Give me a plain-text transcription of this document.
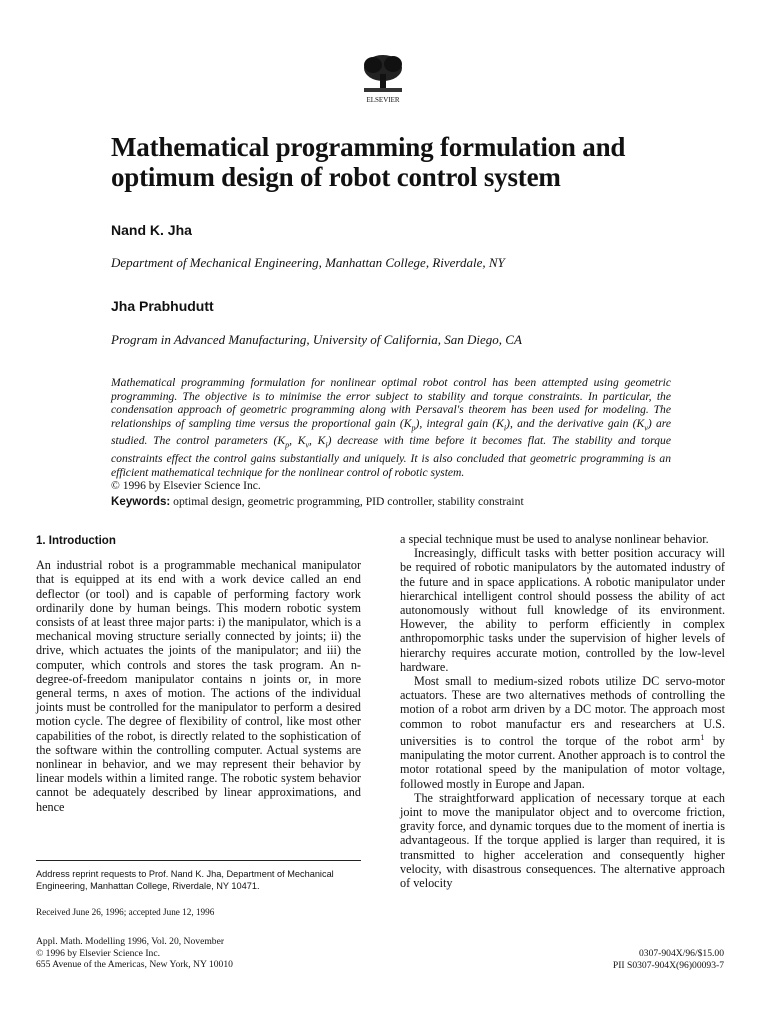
ELSEVIER
Mathematical programming formulation and
optimum design of robot control system
Nand K. Jha
Department of Mechanical Engineering, Manhattan College, Riverdale, NY
Jha Prabhudutt
Program in Advanced Manufacturing, University of California, San Diego, CA
Mathematical programming formulation for nonlinear optimal robot control has been attempted using geometric programming. The objective is to minimise the error subject to stability and torque constraints. In particular, the condensation approach of geometric programming along with Persaval's theorem has been used for modeling. The relationships of sampling time versus the proportional gain $(K_p)$, integral gain $(K_i)$, and the derivative gain $(K_v)$ are studied. The control parameters ($K_p$, $K_v$, $K_i$) decrease with time before it becomes flat. The stability and torque constraints effect the control gains substantially and uniquely. It is also concluded that geometric programming is an efficient mathematical technique for the nonlinear control of robotic system.
© 1996 by Elsevier Science Inc.
Keywords: optimal design, geometric programming, PID controller, stability constraint
1. Introduction

An industrial robot is a programmable mechanical manipulator that is equipped at its end with a work device called an end deflector (or tool) and is capable of performing factory work ordinarily done by human beings. This modern robotic system consists of at least three major parts: i) the manipulator, which is a mechanical moving structure serially connected by joints; ii) the drive, which actuates the joints of the manipulator; and iii) the computer, which controls and stores the task program. An n-degree-of-freedom manipulator contains n joints or, in more general terms, n axes of motion. The actions of the individual joints must be controlled for the manipulator to perform a desired motion cycle. The degree of flexibility of control, like most other capabilities of the robot, is directly related to the sophistication of the software within the controlling computer. Actual systems are nonlinear in behavior, and we may represent their behavior by linear models within a limited range. The robotic system behavior cannot be adequately described by linear approximations, and hence

a special technique must be used to analyse nonlinear behavior.

Increasingly, difficult tasks with better position accuracy will be required of robotic manipulators by the automated industry of the future and in space applications. A robotic manipulator under hierarchical intelligent control should possess the ability of act autonomously without full knowledge of its environment. However, the ability to perform efficiently in complex anthropomorphic tasks under the supervision of higher levels of hierarchy requires accurate motion, controlled by the low-level hardware.

Most small to medium-sized robots utilize DC servo-motor actuators. These are two alternatives methods of controlling the motion of a robot arm driven by a DC motor. The approach most common to robot manufactur ers and researchers at U.S. universities is to control the torque of the robot arm$^1$ by manipulating the motor current. Another approach is to control the motor rotational speed by the manipulation of motor voltage, followed mostly in Europe and Japan.

The straightforward application of necessary torque at each joint to move the manipulator object and to overcome friction, gravity force, and dynamic torques due to the moment of inertia is advantageous. If the torque applied is larger than required, it is transmitted to higher acceleration and consequently higher velocity, with disastrous consequences. The alternative approach of velocity

Address reprint requests to Prof. Nand K. Jha, Department of Mechanical Engineering, Manhattan College, Riverdale, NY 10471.
Received June 26, 1996; accepted June 12, 1996
Appl. Math. Modelling 1996, Vol. 20, November
© 1996 by Elsevier Science Inc.
655 Avenue of the Americas, New York, NY 10010
0307-904X/96/$15.00
PII S0307-904X(96)00093-7
